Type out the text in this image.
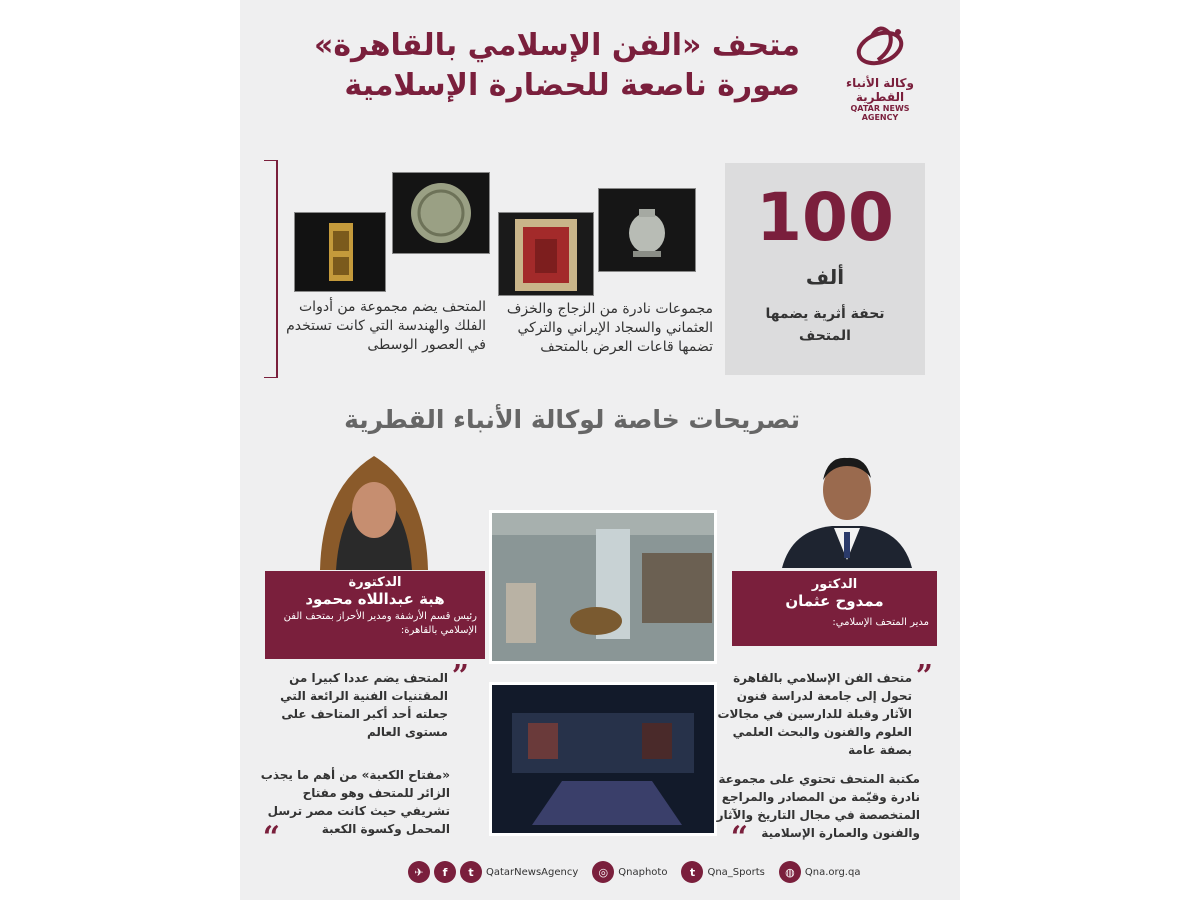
وكالة الأنباء القطرية
QATAR NEWS AGENCY
متحف «الفن الإسلامي بالقاهرة»
صورة ناصعة للحضارة الإسلامية
100
ألف
تحفة أثرية يضمها المتحف
مجموعات نادرة من الزجاج والخزف العثماني والسجاد الإيراني والتركي تضمها قاعات العرض بالمتحف
المتحف يضم مجموعة من أدوات الفلك والهندسة التي كانت تستخدم في العصور الوسطى
تصريحات خاصة لوكالة الأنباء القطرية
الدكتور
ممدوح عثمان
مدير المتحف الإسلامي:
الدكتورة
هبة عبداللاه محمود
رئيس قسم الأرشفة ومدير الأحراز بمتحف الفن الإسلامي بالقاهرة:
”
متحف الفن الإسلامي بالقاهرة تحول إلى جامعة لدراسة فنون الآثار وقبلة للدارسين في مجالات العلوم والفنون والبحث العلمي بصفة عامة
مكتبة المتحف تحتوي على مجموعة نادرة وقيّمة من المصادر والمراجع المتخصصة في مجال التاريخ والآثار والفنون والعمارة الإسلامية
“
”
المتحف يضم عددا كبيرا من المقتنيات الفنية الرائعة التي جعلته أحد أكبر المتاحف على مستوى العالم
«مفتاح الكعبة» من أهم ما يجذب الزائر للمتحف وهو مفتاح تشريفي حيث كانت مصر ترسل المحمل وكسوة الكعبة
“
✈	f	t	QatarNewsAgency	◎	Qnaphoto	t	Qna_Sports	◍	Qna.org.qa
